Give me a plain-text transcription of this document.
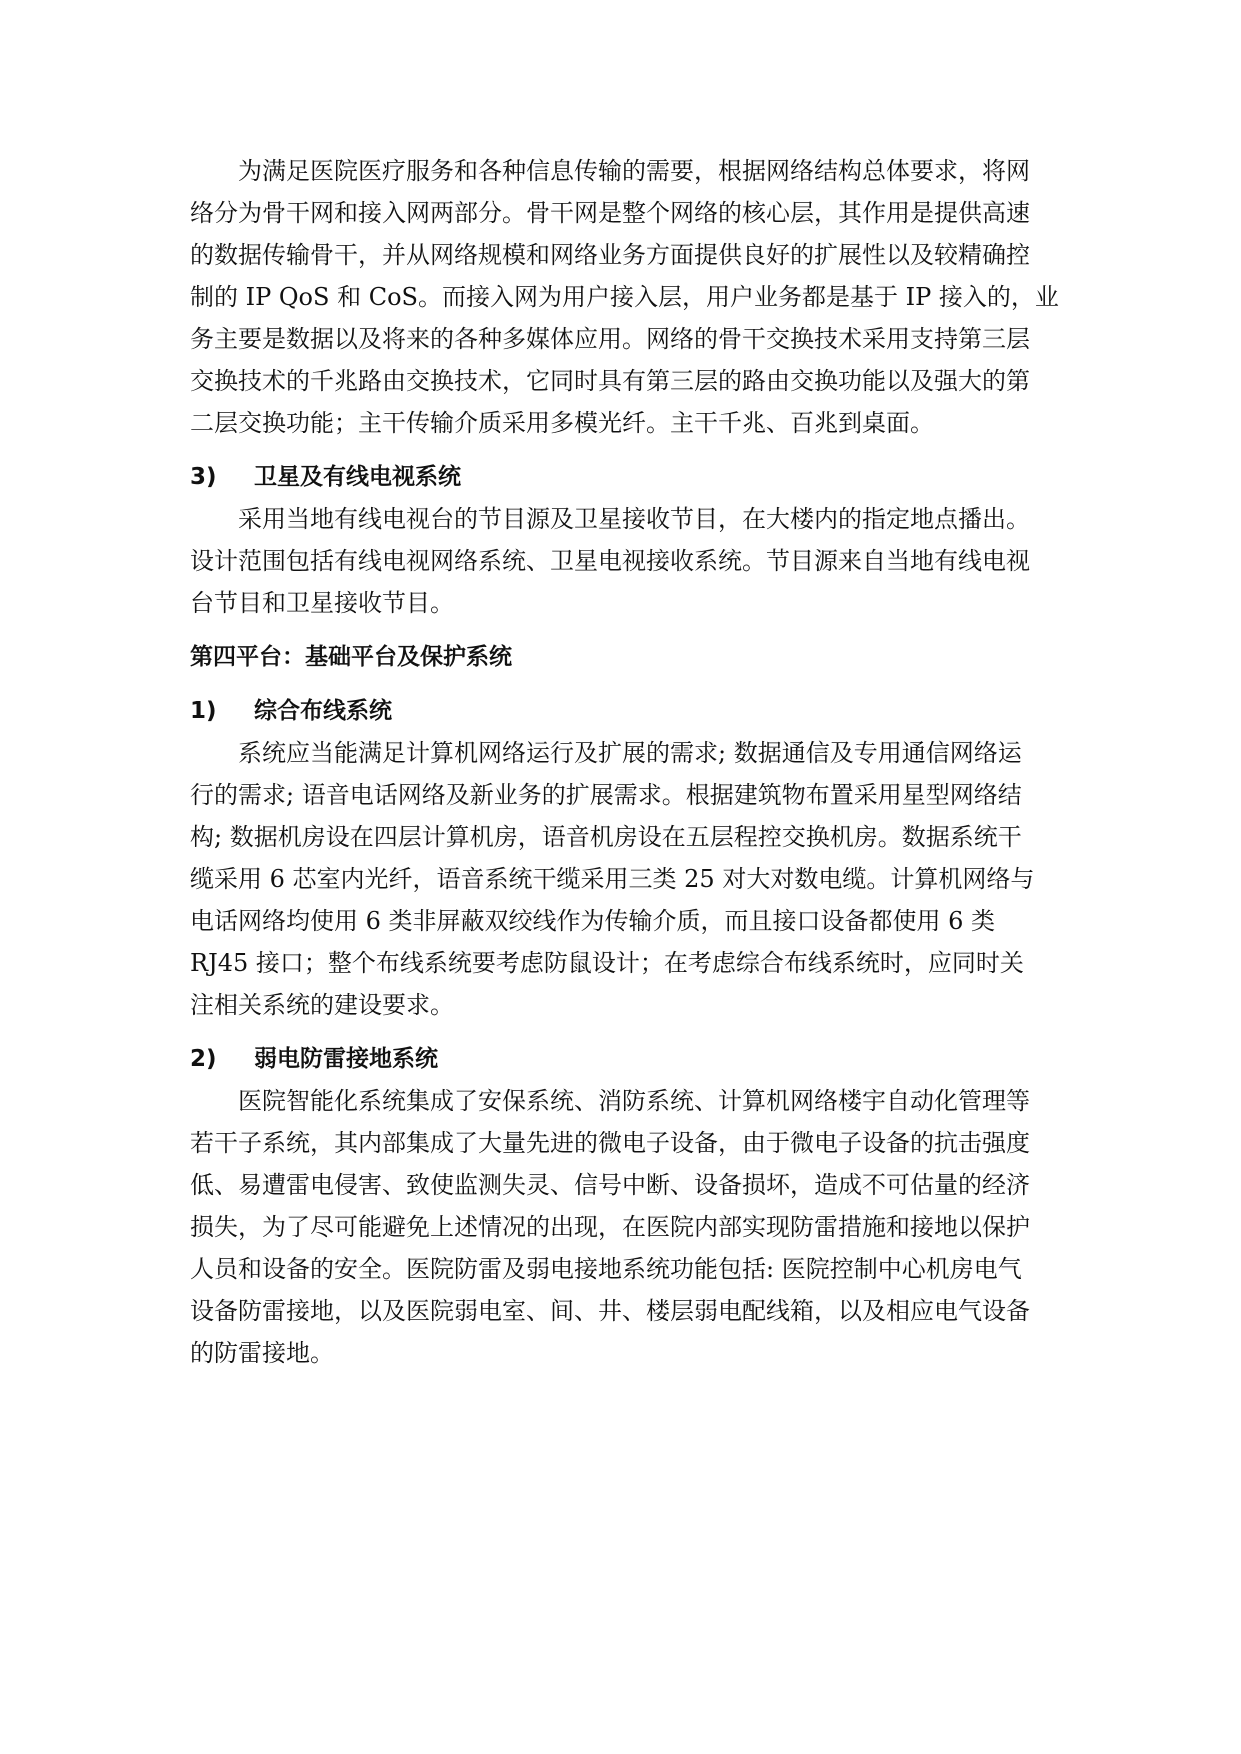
　　为满足医院医疗服务和各种信息传输的需要，根据网络结构总体要求，将网
络分为骨干网和接入网两部分。骨干网是整个网络的核心层，其作用是提供高速
的数据传输骨干，并从网络规模和网络业务方面提供良好的扩展性以及较精确控
制的 IP QoS 和 CoS。而接入网为用户接入层，用户业务都是基于 IP 接入的，业
务主要是数据以及将来的各种多媒体应用。网络的骨干交换技术采用支持第三层
交换技术的千兆路由交换技术，它同时具有第三层的路由交换功能以及强大的第
二层交换功能；主干传输介质采用多模光纤。主干千兆、百兆到桌面。
3) 卫星及有线电视系统
　　采用当地有线电视台的节目源及卫星接收节目，在大楼内的指定地点播出。
设计范围包括有线电视网络系统、卫星电视接收系统。节目源来自当地有线电视
台节目和卫星接收节目。
第四平台：基础平台及保护系统
1) 综合布线系统
　　系统应当能满足计算机网络运行及扩展的需求; 数据通信及专用通信网络运
行的需求; 语音电话网络及新业务的扩展需求。根据建筑物布置采用星型网络结
构; 数据机房设在四层计算机房，语音机房设在五层程控交换机房。数据系统干
缆采用 6 芯室内光纤，语音系统干缆采用三类 25 对大对数电缆。计算机网络与
电话网络均使用 6 类非屏蔽双绞线作为传输介质，而且接口设备都使用 6 类
RJ45 接口；整个布线系统要考虑防鼠设计；在考虑综合布线系统时，应同时关
注相关系统的建设要求。
2) 弱电防雷接地系统
　　医院智能化系统集成了安保系统、消防系统、计算机网络楼宇自动化管理等
若干子系统，其内部集成了大量先进的微电子设备，由于微电子设备的抗击强度
低、易遭雷电侵害、致使监测失灵、信号中断、设备损坏，造成不可估量的经济
损失，为了尽可能避免上述情况的出现，在医院内部实现防雷措施和接地以保护
人员和设备的安全。医院防雷及弱电接地系统功能包括: 医院控制中心机房电气
设备防雷接地，以及医院弱电室、间、井、楼层弱电配线箱，以及相应电气设备
的防雷接地。
